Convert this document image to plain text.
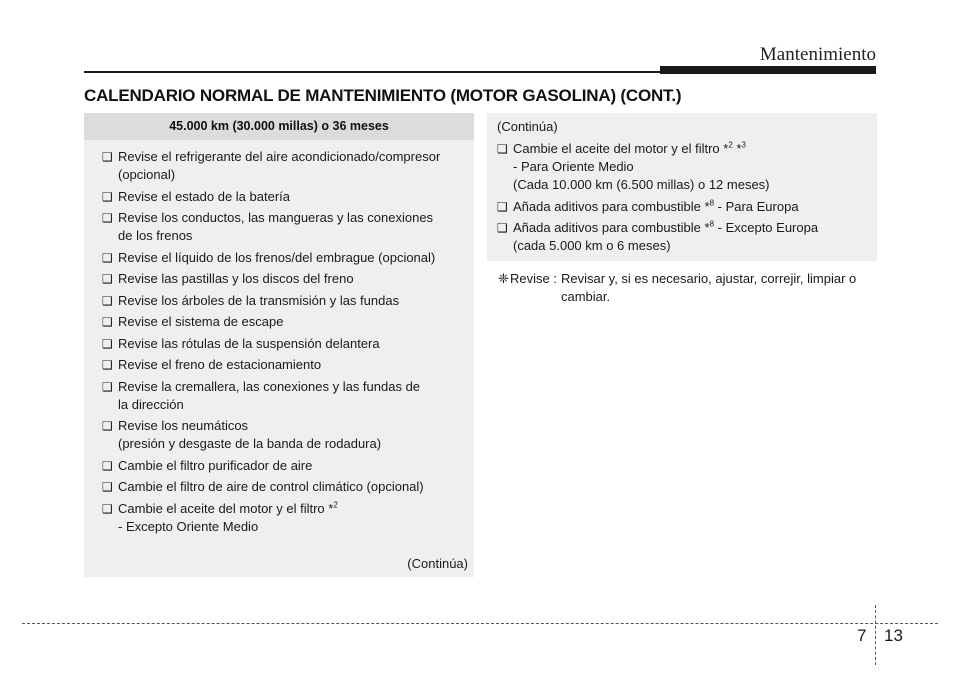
Mantenimiento
CALENDARIO NORMAL DE MANTENIMIENTO (MOTOR GASOLINA) (CONT.)
45.000 km (30.000 millas) o 36 meses
❑ Revise el refrigerante del aire acondicionado/compresor
(opcional)
❑ Revise el estado de la batería
❑ Revise los conductos, las mangueras y las conexiones
de los frenos
❑ Revise el líquido de los frenos/del embrague (opcional)
❑ Revise las pastillas y los discos del freno
❑ Revise los árboles de la transmisión y las fundas
❑ Revise el sistema de escape
❑ Revise las rótulas de la suspensión delantera
❑ Revise el freno de estacionamiento
❑ Revise la cremallera, las conexiones y las fundas de
la dirección
❑ Revise los neumáticos
(presión y desgaste de la banda de rodadura)
❑ Cambie el filtro purificador de aire
❑ Cambie el filtro de aire de control climático (opcional)
❑ Cambie el aceite del motor y el filtro *$^2$
- Excepto Oriente Medio
(Continúa)
(Continúa)
❑ Cambie el aceite del motor y el filtro *$^2$ *$^3$
- Para Oriente Medio
(Cada 10.000 km (6.500 millas) o 12 meses)
❑ Añada aditivos para combustible *$^8$ - Para Europa
❑ Añada aditivos para combustible *$^8$ - Excepto Europa
(cada 5.000 km o 6 meses)
❈ Revise : Revisar y, si es necesario, ajustar, correjir, limpiar o cambiar.
7 13
